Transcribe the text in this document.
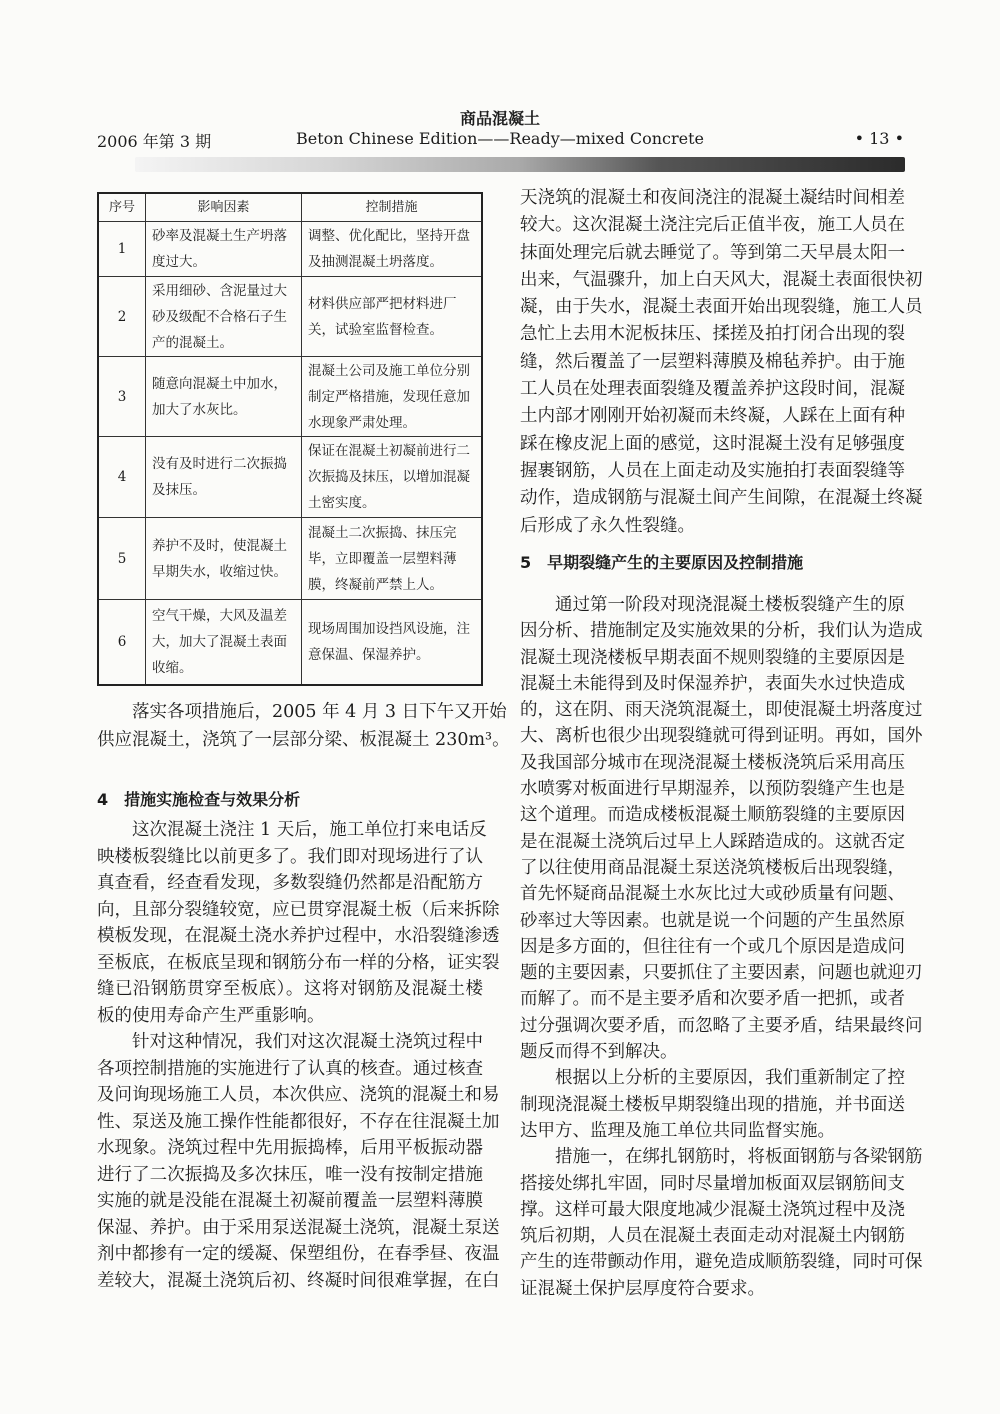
商品混凝土
2006 年第 3 期	Beton Chinese Edition——Ready—mixed Concrete	• 13 •
序号	影响因素	控制措施
1	砂率及混凝土生产坍落度过大。	调整、优化配比，坚持开盘及抽测混凝土坍落度。
2	采用细砂、含泥量过大砂及级配不合格石子生产的混凝土。	材料供应部严把材料进厂关，试验室监督检查。
3	随意向混凝土中加水，加大了水灰比。	混凝土公司及施工单位分别制定严格措施，发现任意加水现象严肃处理。
4	没有及时进行二次振捣及抹压。	保证在混凝土初凝前进行二次振捣及抹压，以增加混凝土密实度。
5	养护不及时，使混凝土早期失水，收缩过快。	混凝土二次振捣、抹压完毕，立即覆盖一层塑料薄膜，终凝前严禁上人。
6	空气干燥，大风及温差大，加大了混凝土表面收缩。	现场周围加设挡风设施，注意保温、保湿养护。
落实各项措施后，2005 年 4 月 3 日下午又开始
供应混凝土，浇筑了一层部分梁、板混凝土 230m³。
4　措施实施检查与效果分析
这次混凝土浇注 1 天后，施工单位打来电话反
映楼板裂缝比以前更多了。我们即对现场进行了认
真查看，经查看发现，多数裂缝仍然都是沿配筋方
向，且部分裂缝较宽，应已贯穿混凝土板（后来拆除
模板发现，在混凝土浇水养护过程中，水沿裂缝渗透
至板底，在板底呈现和钢筋分布一样的分格，证实裂
缝已沿钢筋贯穿至板底）。这将对钢筋及混凝土楼
板的使用寿命产生严重影响。
针对这种情况，我们对这次混凝土浇筑过程中
各项控制措施的实施进行了认真的核查。通过核查
及问询现场施工人员，本次供应、浇筑的混凝土和易
性、泵送及施工操作性能都很好，不存在往混凝土加
水现象。浇筑过程中先用振捣棒，后用平板振动器
进行了二次振捣及多次抹压，唯一没有按制定措施
实施的就是没能在混凝土初凝前覆盖一层塑料薄膜
保湿、养护。由于采用泵送混凝土浇筑，混凝土泵送
剂中都掺有一定的缓凝、保塑组份，在春季昼、夜温
差较大，混凝土浇筑后初、终凝时间很难掌握，在白
天浇筑的混凝土和夜间浇注的混凝土凝结时间相差
较大。这次混凝土浇注完后正值半夜，施工人员在
抹面处理完后就去睡觉了。等到第二天早晨太阳一
出来，气温骤升，加上白天风大，混凝土表面很快初
凝，由于失水，混凝土表面开始出现裂缝，施工人员
急忙上去用木泥板抹压、揉搓及拍打闭合出现的裂
缝，然后覆盖了一层塑料薄膜及棉毡养护。由于施
工人员在处理表面裂缝及覆盖养护这段时间，混凝
土内部才刚刚开始初凝而未终凝，人踩在上面有种
踩在橡皮泥上面的感觉，这时混凝土没有足够强度
握裹钢筋，人员在上面走动及实施拍打表面裂缝等
动作，造成钢筋与混凝土间产生间隙，在混凝土终凝
后形成了永久性裂缝。
5　早期裂缝产生的主要原因及控制措施
通过第一阶段对现浇混凝土楼板裂缝产生的原
因分析、措施制定及实施效果的分析，我们认为造成
混凝土现浇楼板早期表面不规则裂缝的主要原因是
混凝土未能得到及时保湿养护，表面失水过快造成
的，这在阴、雨天浇筑混凝土，即使混凝土坍落度过
大、离析也很少出现裂缝就可得到证明。再如，国外
及我国部分城市在现浇混凝土楼板浇筑后采用高压
水喷雾对板面进行早期湿养，以预防裂缝产生也是
这个道理。而造成楼板混凝土顺筋裂缝的主要原因
是在混凝土浇筑后过早上人踩踏造成的。这就否定
了以往使用商品混凝土泵送浇筑楼板后出现裂缝，
首先怀疑商品混凝土水灰比过大或砂质量有问题、
砂率过大等因素。也就是说一个问题的产生虽然原
因是多方面的，但往往有一个或几个原因是造成问
题的主要因素，只要抓住了主要因素，问题也就迎刃
而解了。而不是主要矛盾和次要矛盾一把抓，或者
过分强调次要矛盾，而忽略了主要矛盾，结果最终问
题反而得不到解决。
根据以上分析的主要原因，我们重新制定了控
制现浇混凝土楼板早期裂缝出现的措施，并书面送
达甲方、监理及施工单位共同监督实施。
措施一，在绑扎钢筋时，将板面钢筋与各梁钢筋
搭接处绑扎牢固，同时尽量增加板面双层钢筋间支
撑。这样可最大限度地减少混凝土浇筑过程中及浇
筑后初期，人员在混凝土表面走动对混凝土内钢筋
产生的连带颤动作用，避免造成顺筋裂缝，同时可保
证混凝土保护层厚度符合要求。
